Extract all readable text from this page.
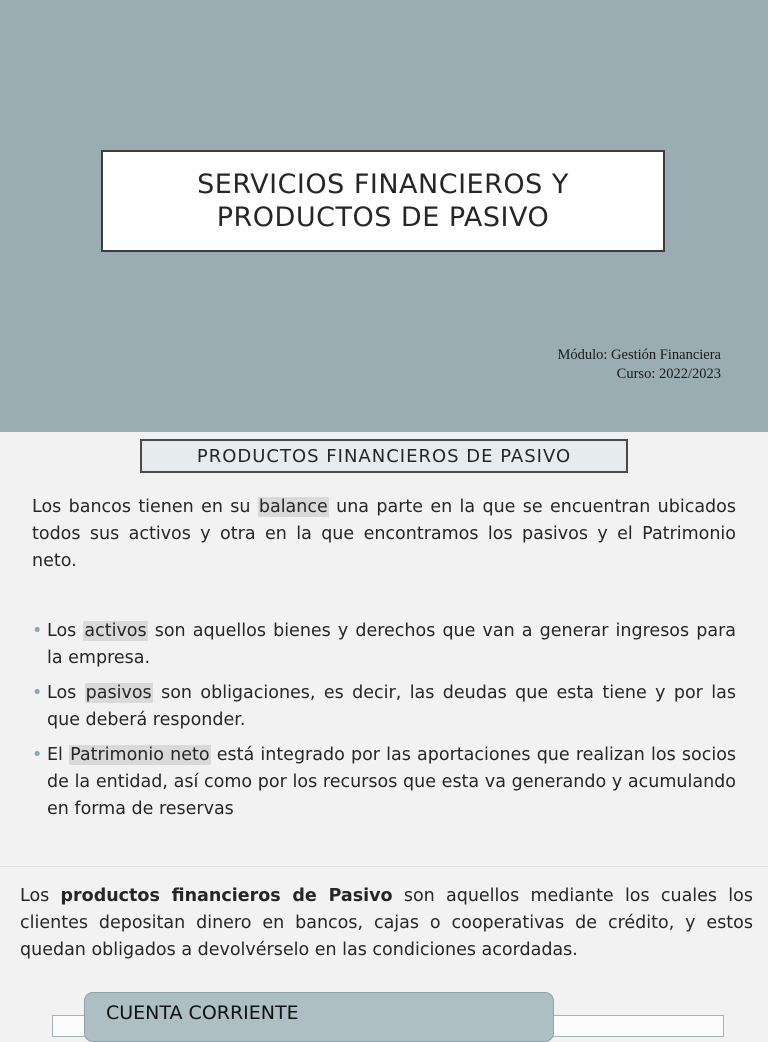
SERVICIOS FINANCIEROS Y
PRODUCTOS DE PASIVO
Módulo: Gestión Financiera
Curso: 2022/2023
PRODUCTOS FINANCIEROS DE PASIVO
Los bancos tienen en su balance una parte en la que se encuentran ubicados todos sus activos y otra en la que encontramos los pasivos y el Patrimonio neto.
• Los activos son aquellos bienes y derechos que van a generar ingresos para la empresa.
• Los pasivos son obligaciones, es decir, las deudas que esta tiene y por las que deberá responder.
• El Patrimonio neto está integrado por las aportaciones que realizan los socios de la entidad, así como por los recursos que esta va generando y acumulando en forma de reservas
Los productos financieros de Pasivo son aquellos mediante los cuales los clientes depositan dinero en bancos, cajas o cooperativas de crédito, y estos quedan obligados a devolvérselo en las condiciones acordadas.
CUENTA CORRIENTE
